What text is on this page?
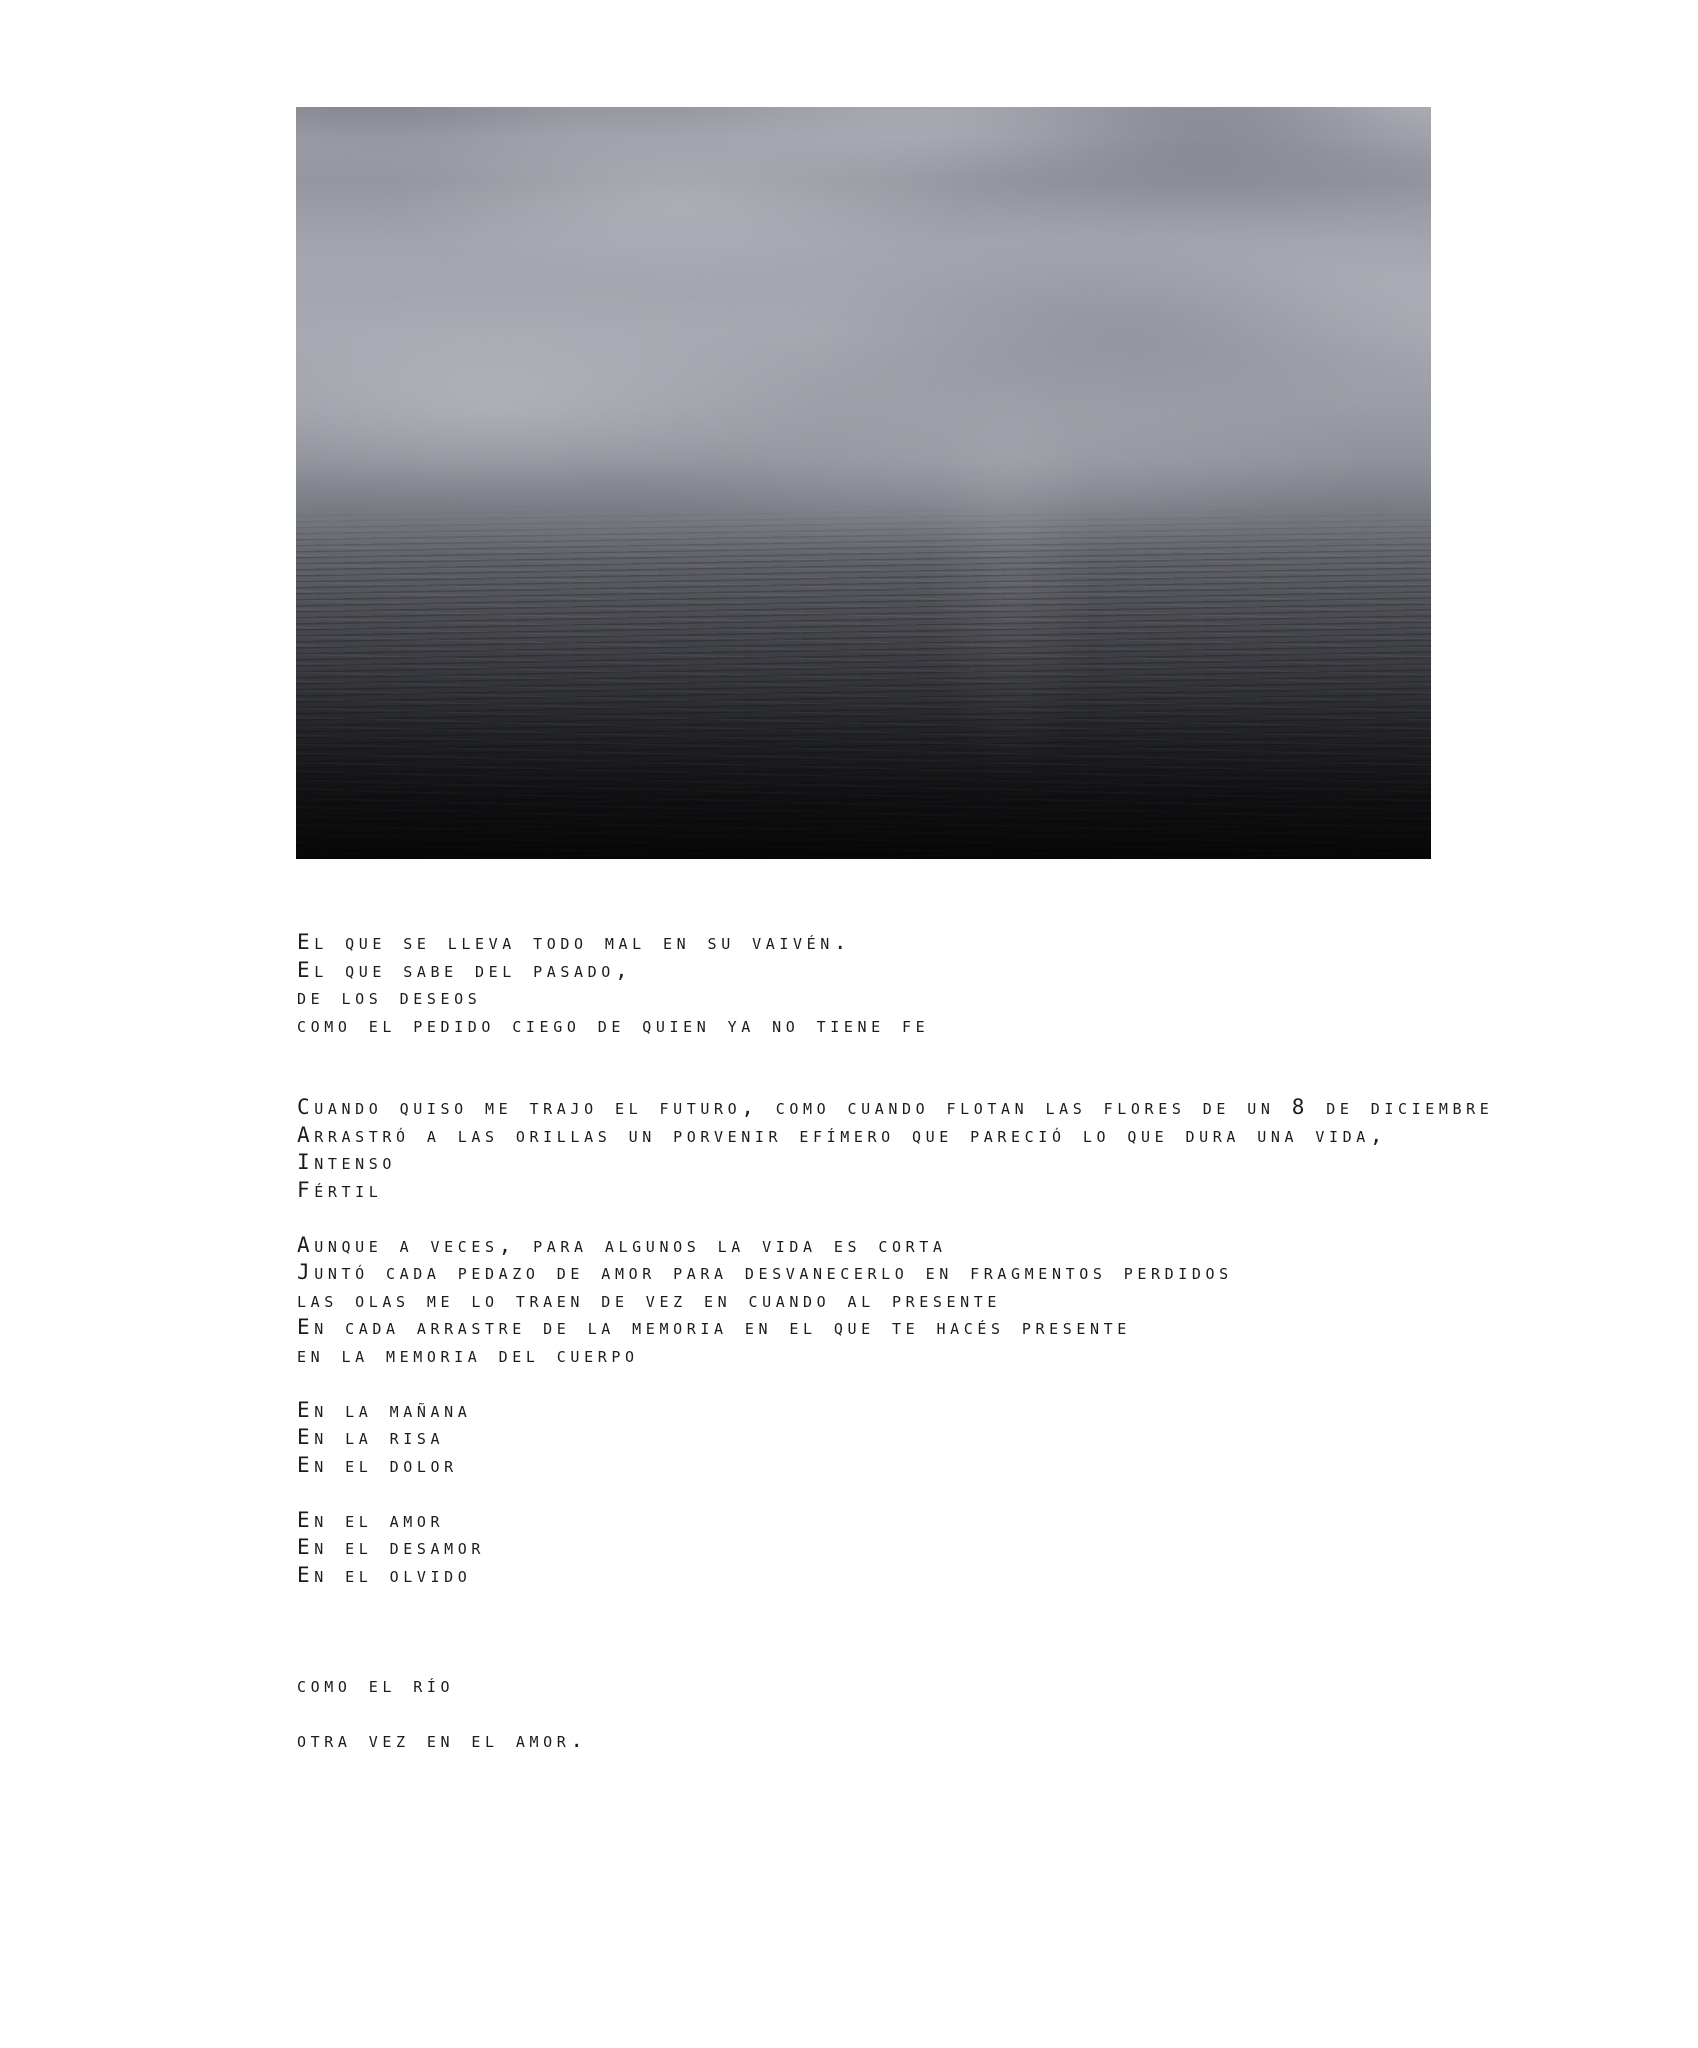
El que se lleva todo mal en su vaivén.
El que sabe del pasado,
de los deseos
como el pedido ciego de quien ya no tiene fe
Cuando quiso me trajo el futuro, como cuando flotan las flores de un 8 de diciembre
Arrastró a las orillas un porvenir efímero que pareció lo que dura una vida,
Intenso
Fértil
Aunque a veces, para algunos la vida es corta
Juntó cada pedazo de amor para desvanecerlo en fragmentos perdidos
las olas me lo traen de vez en cuando al presente
En cada arrastre de la memoria en el que te hacés presente
en la memoria del cuerpo
En la mañana
En la risa
En el dolor
En el amor
En el desamor
En el olvido
como el río
otra vez en el amor.
